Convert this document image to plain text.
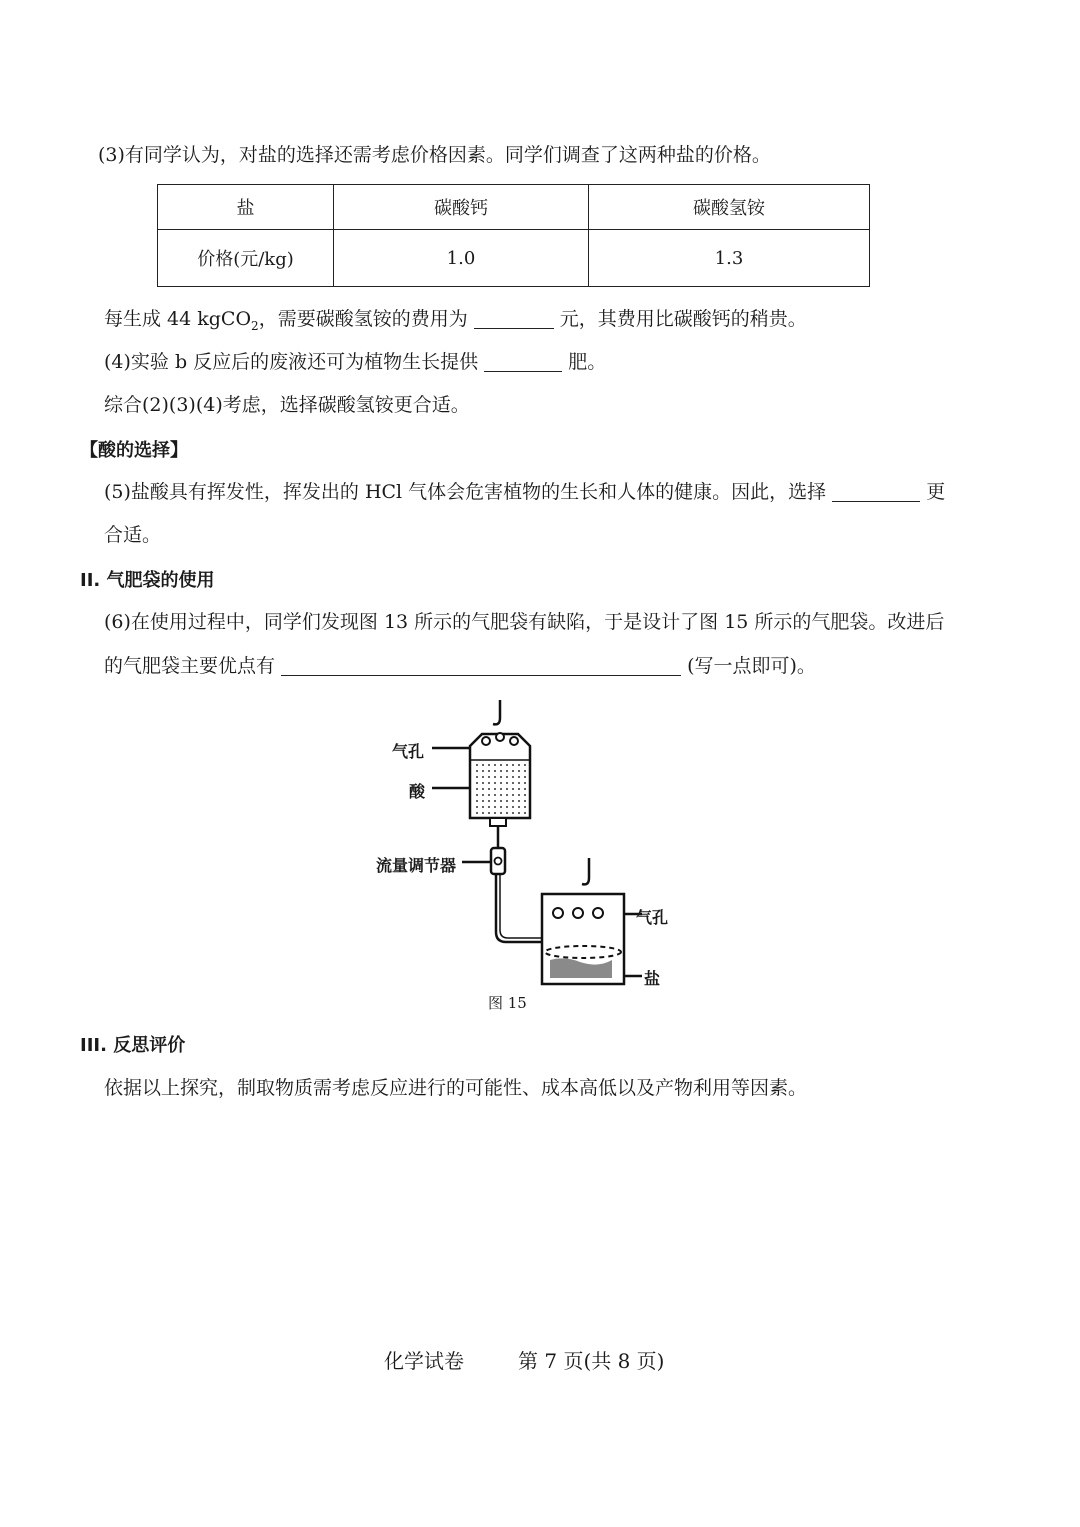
(3)有同学认为，对盐的选择还需考虑价格因素。同学们调查了这两种盐的价格。
盐	碳酸钙	碳酸氢铵
价格(元/kg)	1.0	1.3
每生成 44 kgCO$_2$，需要碳酸氢铵的费用为	元，其费用比碳酸钙的稍贵。
(4)实验 b 反应后的废液还可为植物生长提供	肥。
综合(2)(3)(4)考虑，选择碳酸氢铵更合适。
【酸的选择】
(5)盐酸具有挥发性，挥发出的 HCl 气体会危害植物的生长和人体的健康。因此，选择	更
合适。
II. 气肥袋的使用
(6)在使用过程中，同学们发现图 13 所示的气肥袋有缺陷，于是设计了图 15 所示的气肥袋。改进后
的气肥袋主要优点有	(写一点即可)。
气孔
酸
流量调节器
气孔
盐
图 15
III. 反思评价
依据以上探究，制取物质需考虑反应进行的可能性、成本高低以及产物利用等因素。
化学试卷	第 7 页(共 8 页)
